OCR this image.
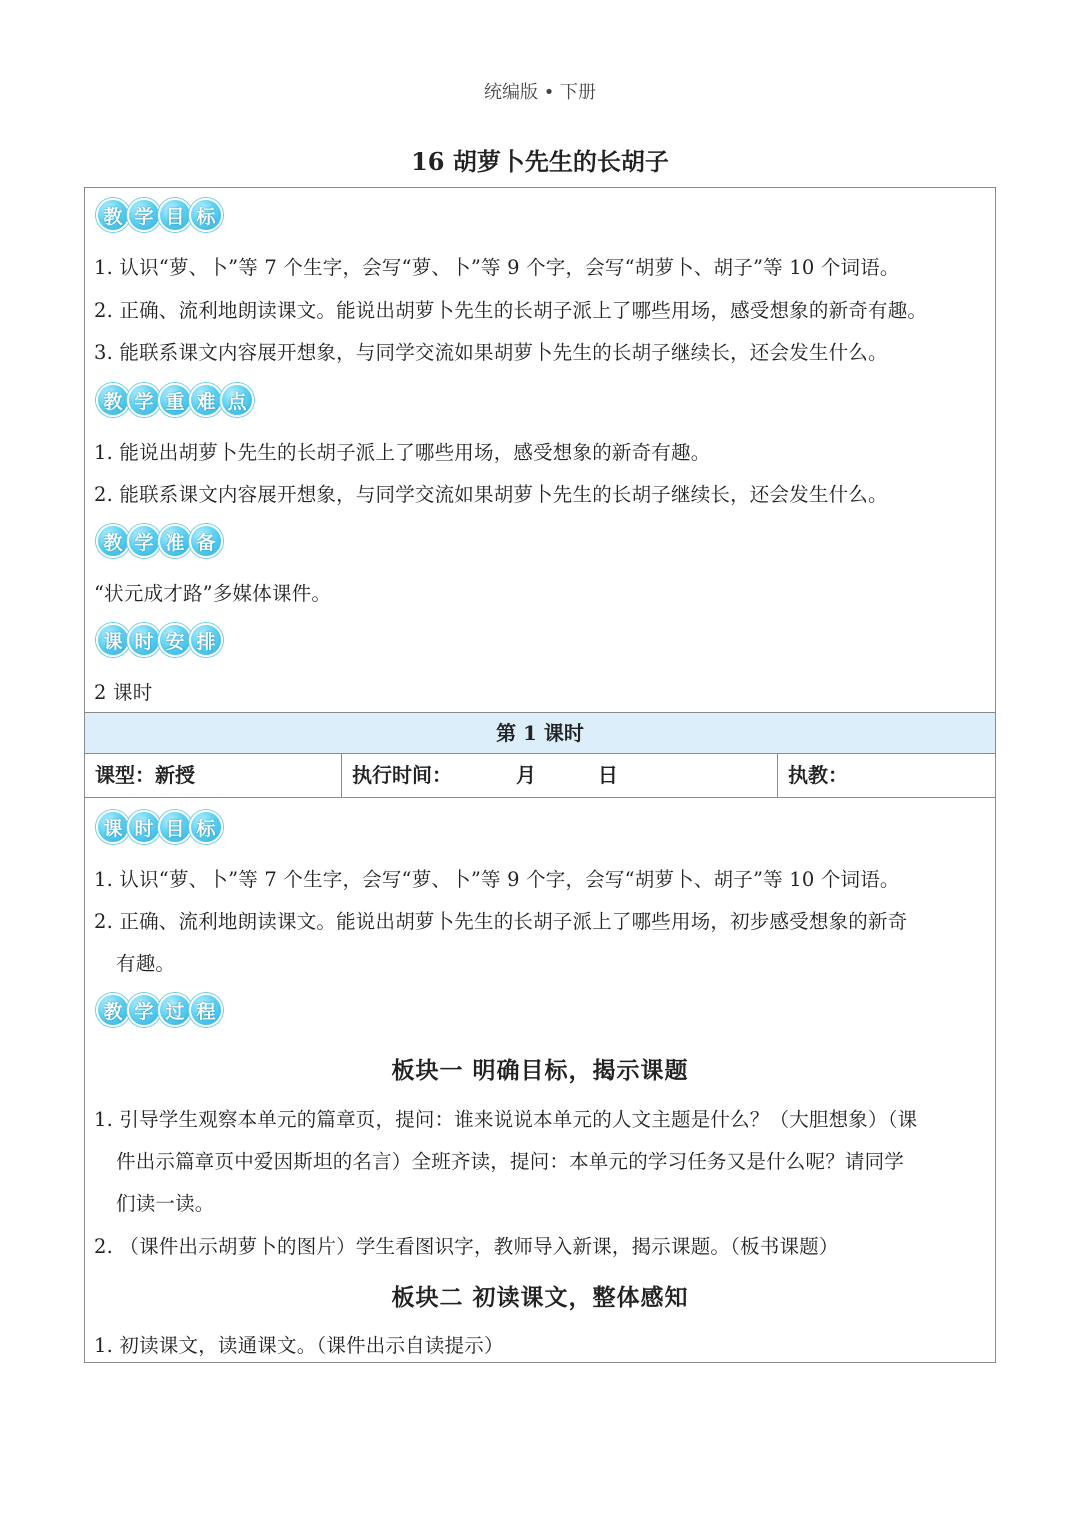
统编版 • 下册
16 胡萝卜先生的长胡子
教 学 目 标
1. 认识“萝、卜”等 7 个生字，会写“萝、卜”等 9 个字，会写“胡萝卜、胡子”等 10 个词语。
2. 正确、流利地朗读课文。能说出胡萝卜先生的长胡子派上了哪些用场，感受想象的新奇有趣。
3. 能联系课文内容展开想象，与同学交流如果胡萝卜先生的长胡子继续长，还会发生什么。
教 学 重 难 点
1. 能说出胡萝卜先生的长胡子派上了哪些用场，感受想象的新奇有趣。
2. 能联系课文内容展开想象，与同学交流如果胡萝卜先生的长胡子继续长，还会发生什么。
教 学 准 备
“状元成才路”多媒体课件。
课 时 安 排
2 课时
第 1 课时
课型：新授	执行时间：	月	日	执教：
课 时 目 标
1. 认识“萝、卜”等 7 个生字，会写“萝、卜”等 9 个字，会写“胡萝卜、胡子”等 10 个词语。
2. 正确、流利地朗读课文。能说出胡萝卜先生的长胡子派上了哪些用场，初步感受想象的新奇
有趣。
教 学 过 程
板块一 明确目标，揭示课题
1. 引导学生观察本单元的篇章页，提问：谁来说说本单元的人文主题是什么？（大胆想象）（课
件出示篇章页中爱因斯坦的名言）全班齐读，提问：本单元的学习任务又是什么呢？请同学
们读一读。
2. （课件出示胡萝卜的图片）学生看图识字，教师导入新课，揭示课题。（板书课题）
板块二 初读课文，整体感知
1. 初读课文，读通课文。（课件出示自读提示）
